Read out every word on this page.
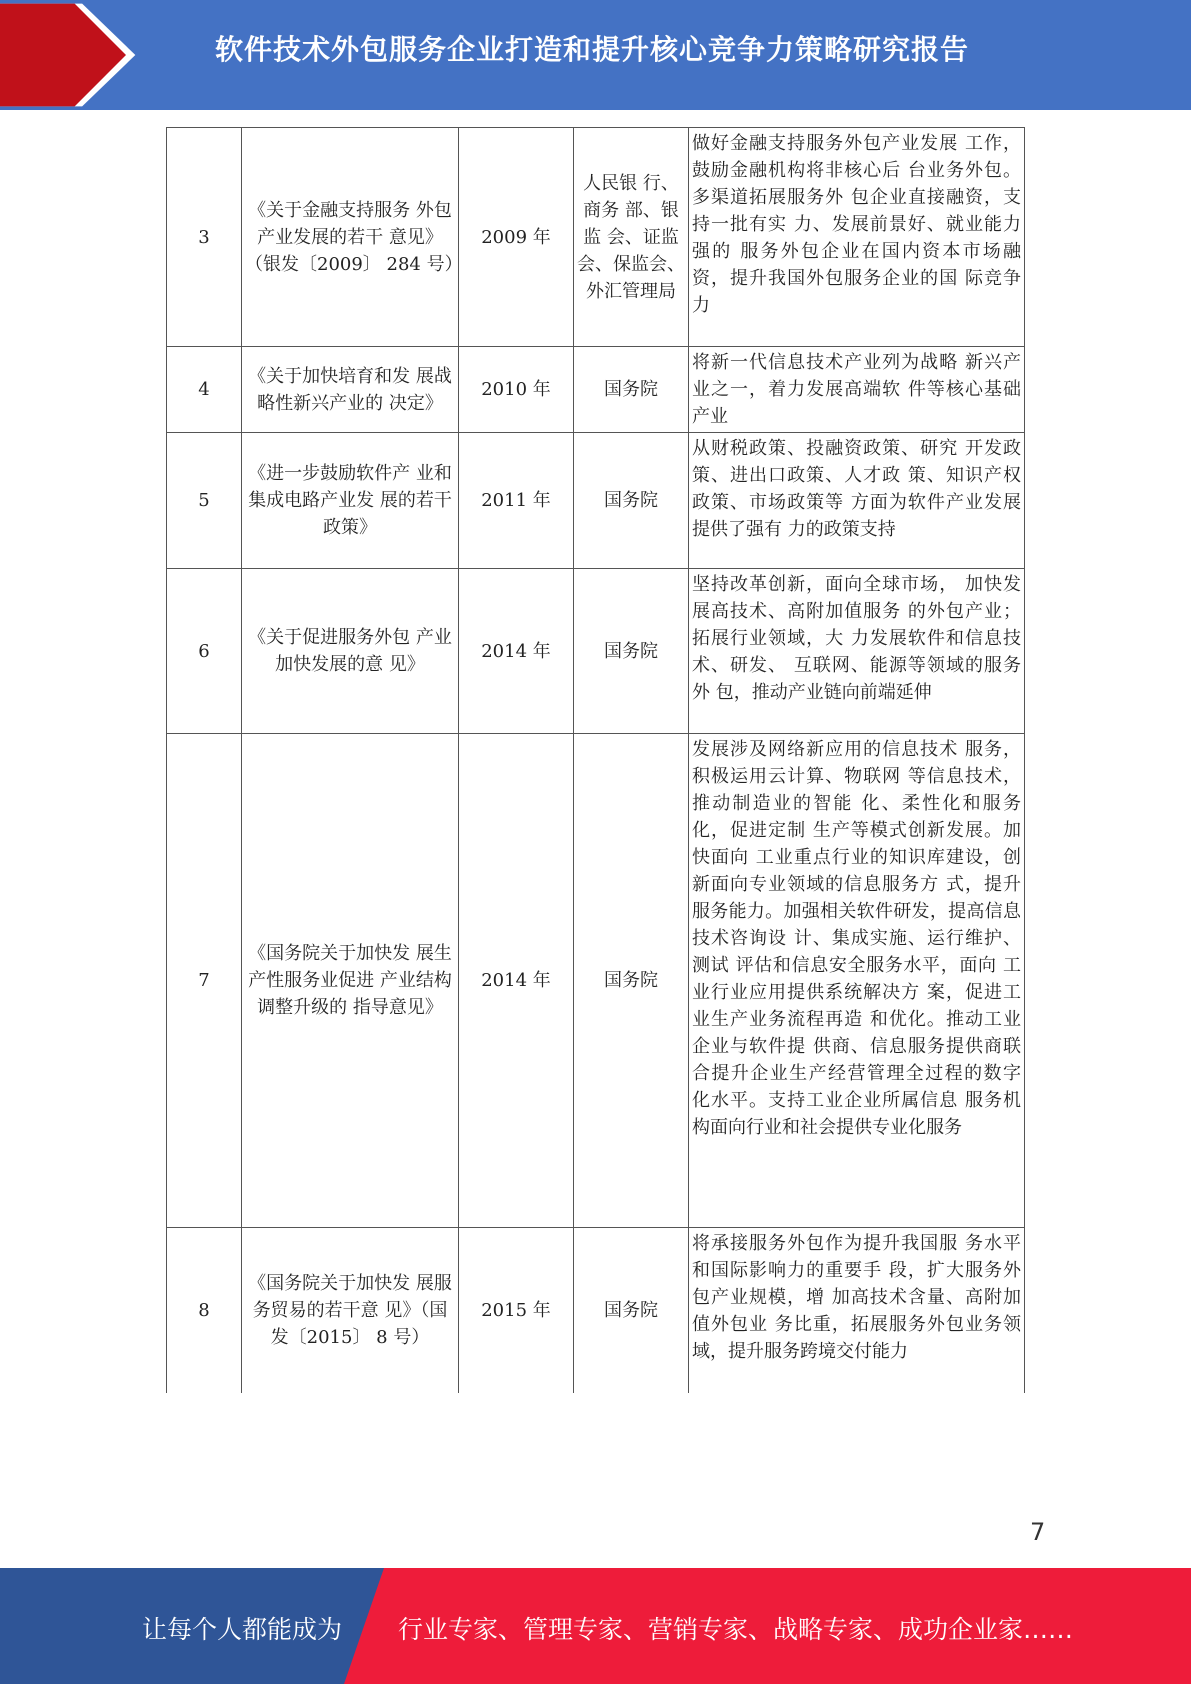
软件技术外包服务企业打造和提升核心竞争力策略研究报告
3	《关于金融支持服务 外包产业发展的若干 意见》（银发〔2009〕 284 号）	2009 年	人民银 行、商务 部、银监 会、证监会、保监会、外汇管理局	做好金融支持服务外包产业发展 工作，鼓励金融机构将非核心后 台业务外包。多渠道拓展服务外 包企业直接融资，支持一批有实 力、发展前景好、就业能力强的 服务外包企业在国内资本市场融 资，提升我国外包服务企业的国 际竞争力
4	《关于加快培育和发 展战略性新兴产业的 决定》	2010 年	国务院	将新一代信息技术产业列为战略 新兴产业之一，着力发展高端软 件等核心基础产业
5	《进一步鼓励软件产 业和集成电路产业发 展的若干政策》	2011 年	国务院	从财税政策、投融资政策、研究 开发政策、进出口政策、人才政 策、知识产权政策、市场政策等 方面为软件产业发展提供了强有 力的政策支持
6	《关于促进服务外包 产业加快发展的意 见》	2014 年	国务院	坚持改革创新，面向全球市场， 加快发展高技术、高附加值服务 的外包产业；拓展行业领域，大 力发展软件和信息技术、研发、 互联网、能源等领域的服务外 包，推动产业链向前端延伸
7	《国务院关于加快发 展生产性服务业促进 产业结构调整升级的 指导意见》	2014 年	国务院	发展涉及网络新应用的信息技术 服务，积极运用云计算、物联网 等信息技术，推动制造业的智能 化、柔性化和服务化，促进定制 生产等模式创新发展。加快面向 工业重点行业的知识库建设，创 新面向专业领域的信息服务方 式，提升服务能力。加强相关软件研发，提高信息技术咨询设 计、集成实施、运行维护、测试 评估和信息安全服务水平，面向 工业行业应用提供系统解决方 案，促进工业生产业务流程再造 和优化。推动工业企业与软件提 供商、信息服务提供商联合提升企业生产经营管理全过程的数字 化水平。支持工业企业所属信息 服务机构面向行业和社会提供专业化服务
8	《国务院关于加快发 展服务贸易的若干意 见》（国发〔2015〕 8 号）	2015 年	国务院	将承接服务外包作为提升我国服 务水平和国际影响力的重要手 段，扩大服务外包产业规模，增 加高技术含量、高附加值外包业 务比重，拓展服务外包业务领 域，提升服务跨境交付能力
7
让每个人都能成为 行业专家、管理专家、营销专家、战略专家、成功企业家……
